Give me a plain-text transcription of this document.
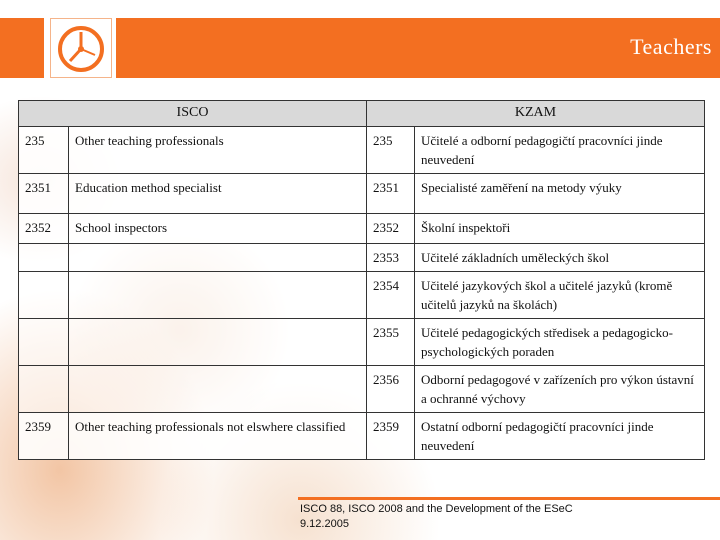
Teachers
ISCO		KZAM	
235	Other teaching professionals	235	Učitelé a odborní pedagogičtí pracovníci jinde neuvedení
2351	Education method specialist	2351	Specialisté zaměření na metody výuky
2352	School inspectors	2352	Školní inspektoři
		2353	Učitelé základních uměleckých škol
		2354	Učitelé jazykových škol a učitelé jazyků (kromě učitelů jazyků na školách)
		2355	Učitelé pedagogických středisek a pedagogicko-psychologických poraden
		2356	Odborní pedagogové v zařízeních pro výkon ústavní a ochranné výchovy
2359	Other teaching professionals not elswhere classified	2359	Ostatní odborní pedagogičtí pracovníci jinde neuvedení
ISCO 88, ISCO 2008 and the Development of the ESeC
9.12.2005
